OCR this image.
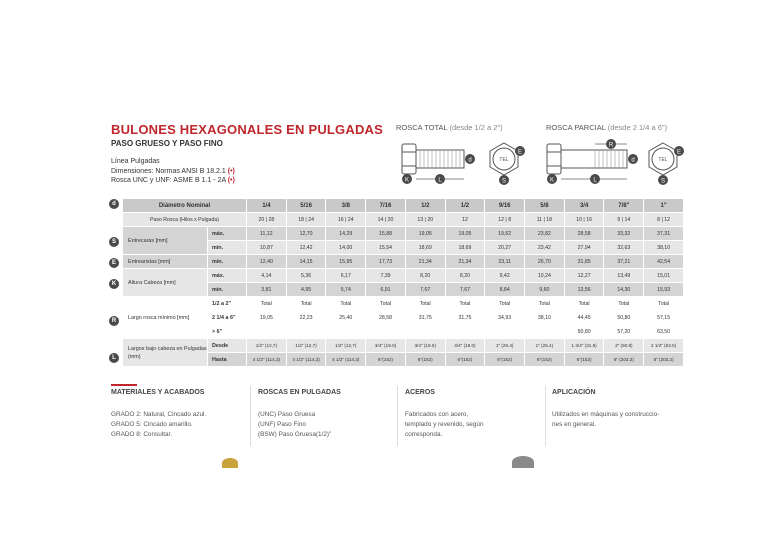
BULONES HEXAGONALES EN PULGADAS
PASO GRUESO Y PASO FINO
Línea Pulgadas
Dimensiones: Normas ANSI B 18.2.1 (•)
Rosca UNC y UNF: ASME B 1.1 - 2A (•)
ROSCA TOTAL (desde 1/2 a 2")
K	L
d
S
E
TEL
ROSCA PARCIAL (desde 2 1/4 a 6")
R
K	L
d
S
E
TEL
d
S
E
K
R
L
	Diámetro Nominal		1/4	5/16	3/8	7/16	1/2	1/2	9/16	5/8	3/4	7/8"	1"
	Paso Rosca (Hilos x Pulgada)		20 | 28	18 | 24	16 | 24	14 | 20	13 | 20	12	12 | 8	11 | 18	10 | 16	9 | 14	8 | 12
	Entrecaras [mm]	máx.	11,12	12,70	14,29	15,88	19,05	19,05	19,62	23,82	28,58	33,32	37,31
		mín.	10,87	12,42	14,00	15,54	18,69	18,69	20,27	23,42	27,94	32,63	38,10
	Entrearistas [mm]	mín.	12,40	14,15	15,95	17,73	21,34	21,34	23,11	26,70	31,85	37,21	42,54
	Altura Cabeza [mm]	máx.	4,14	5,36	6,17	7,39	8,20	8,20	9,42	10,24	12,27	13,49	15,01
		mín.	3,81	4,95	5,74	6,91	7,67	7,67	8,84	9,60	13,56	14,30	15,93
	Largo rosca mínimo [mm]	1/2 a 2"	Total	Total	Total	Total	Total	Total	Total	Total	Total	Total	Total
		2 1/4 a 6"	19,05	22,23	25,40	28,58	31,75	31,75	34,93	38,10	44,45	50,80	57,15
		> 6"									50,80	57,20	63,50
	Largos bajo cabeza en Pulgadas (mm)	Desde	1/2" (12,7)	1/2" (12,7)	1/2" (12,7)	3/4" (19.0)	3/4" (19.0)	3/4" (19.0)	1" (25.4)	1" (25.4)	1 3/4" (31.8)	2" (50.8)	2 1/2" (63.5)
		Hasta	4 1/2" (114,3)	4 1/2" (114,3)	4 1/2" (114,3)	6"(152)	6"(152)	6"(152)	6"(152)	6"(152)	6"(152)	8" (203,2)	8" (203,2)
MATERIALES Y ACABADOS
GRADO 2: Natural, Cincado azul.
GRADO 5: Cincado amarillo.
GRADO 8: Consultar.
ROSCAS EN PULGADAS
(UNC) Paso Gruesa
(UNF) Paso Fino
(BSW) Paso Gruesa(1/2)"
ACEROS
Fabricados con acero,
templado y revenido, según
corresponda.
APLICACIÓN
Utilizados en máquinas y construccio-
nes en general.
